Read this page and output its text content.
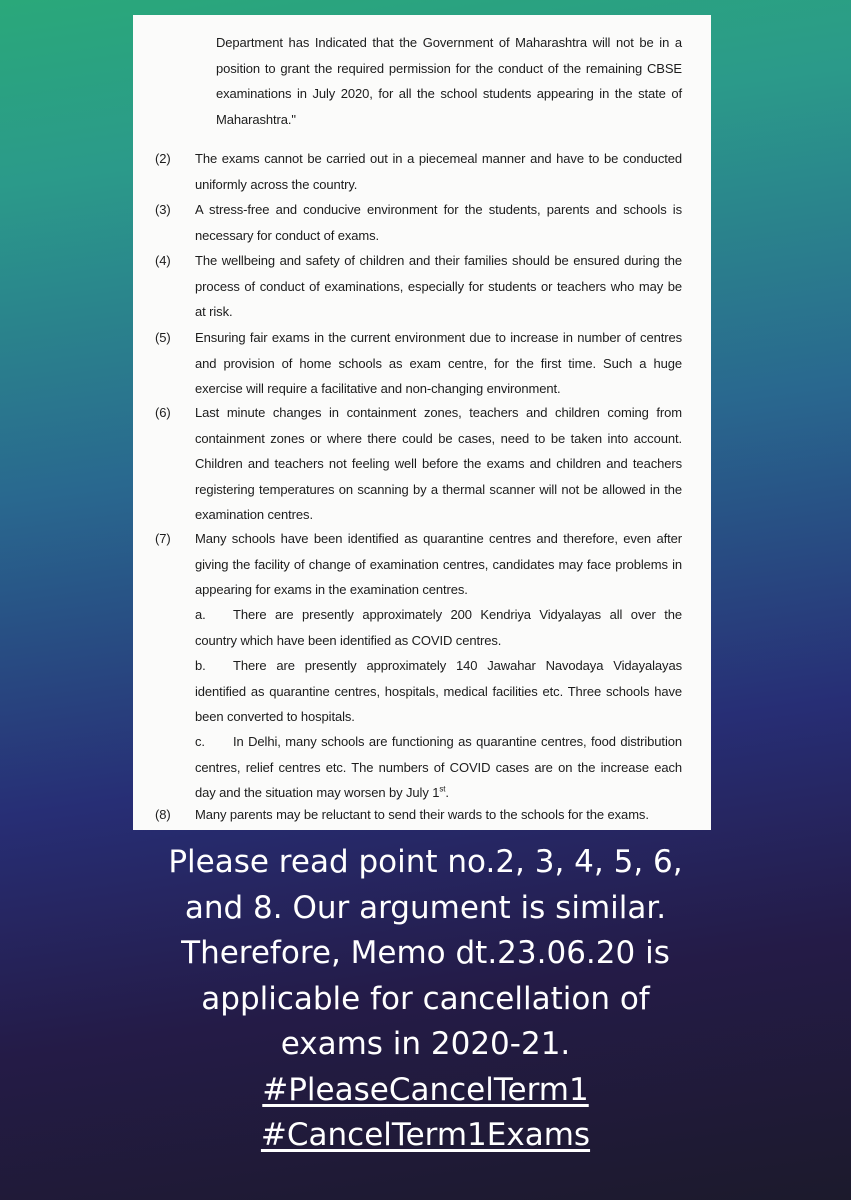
Department has Indicated that the Government of Maharashtra will not be in a position to grant the required permission for the conduct of the remaining CBSE examinations in July 2020, for all the school students appearing in the state of Maharashtra."
(2) The exams cannot be carried out in a piecemeal manner and have to be conducted uniformly across the country.
(3) A stress-free and conducive environment for the students, parents and schools is necessary for conduct of exams.
(4) The wellbeing and safety of children and their families should be ensured during the process of conduct of examinations, especially for students or teachers who may be at risk.
(5) Ensuring fair exams in the current environment due to increase in number of centres and provision of home schools as exam centre, for the first time. Such a huge exercise will require a facilitative and non-changing environment.
(6) Last minute changes in containment zones, teachers and children coming from containment zones or where there could be cases, need to be taken into account. Children and teachers not feeling well before the exams and children and teachers registering temperatures on scanning by a thermal scanner will not be allowed in the examination centres.
(7) Many schools have been identified as quarantine centres and therefore, even after giving the facility of change of examination centres, candidates may face problems in appearing for exams in the examination centres.
a. There are presently approximately 200 Kendriya Vidyalayas all over the country which have been identified as COVID centres.
b. There are presently approximately 140 Jawahar Navodaya Vidayalayas identified as quarantine centres, hospitals, medical facilities etc. Three schools have been converted to hospitals.
c. In Delhi, many schools are functioning as quarantine centres, food distribution centres, relief centres etc. The numbers of COVID cases are on the increase each day and the situation may worsen by July 1st.
(8) Many parents may be reluctant to send their wards to the schools for the exams.
Please read point no.2, 3, 4, 5, 6,
and 8. Our argument is similar.
Therefore, Memo dt.23.06.20 is
applicable for cancellation of
exams in 2020-21.
#PleaseCancelTerm1
#CancelTerm1Exams
